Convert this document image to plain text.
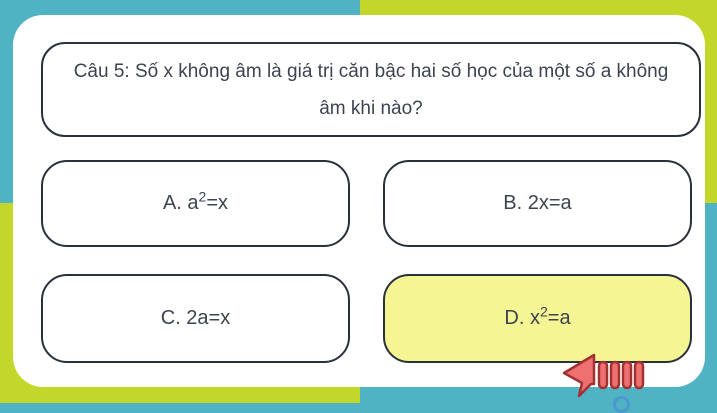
Câu 5: Số x không âm là giá trị căn bậc hai số học của một số a không âm khi nào?
A. $a^2=x$	B. 2x=a
C. 2a=x	D. $x^2=a$
